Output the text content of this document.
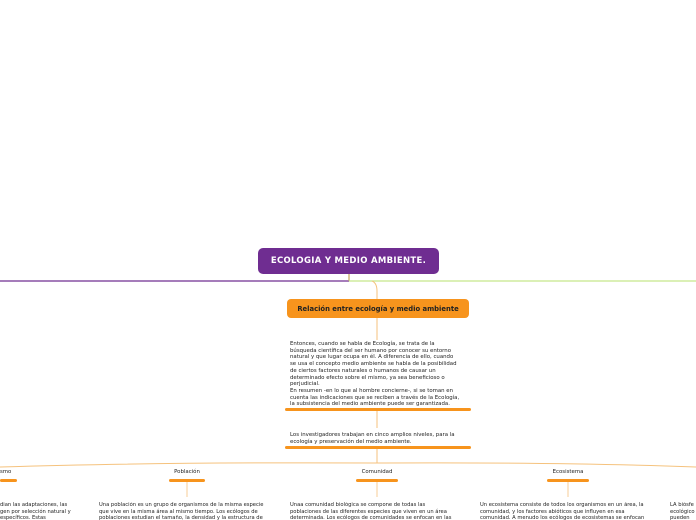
ECOLOGIA Y MEDIO AMBIENTE.
Relación entre ecología y medio ambiente
Entonces, cuando se habla de Ecología, se trata de la
búsqueda científica del ser humano por conocer su entorno
natural y que lugar ocupa en él. A diferencia de ello, cuando
se usa el concepto medio ambiente se habla de la posibilidad
de ciertos factores naturales o humanos de causar un
determinado efecto sobre el mismo, ya sea beneficioso o
perjudicial.
En resumen -en lo que al hombre concierne-, si se toman en
cuenta las indicaciones que se reciben a través de la Ecología,
la subsistencia del medio ambiente puede ser garantizada.
Los investigadores trabajan en cinco amplios niveles, para la
ecología y preservación del medio ambiente.
smo
dian las adaptaciones, las
gen por selección natural y
específicos. Estas
Población
Una población es un grupo de organismos de la misma especie
que vive en la misma área al mismo tiempo. Los ecólogos de
poblaciones estudian el tamaño, la densidad y la estructura de
Comunidad
Unaa comunidad biológica se compone de todas las
poblaciones de las diferentes especies que viven en un área
determinada. Los ecólogos de comunidades se enfocan en las
Ecosistema
Un ecosistema consiste de todos los organismos en un área, la
comunidad, y los factores abióticos que influyen en esa
comunidad. A menudo los ecólogos de ecosistemas se enfocan
LA biósfe
ecológico
pueden
